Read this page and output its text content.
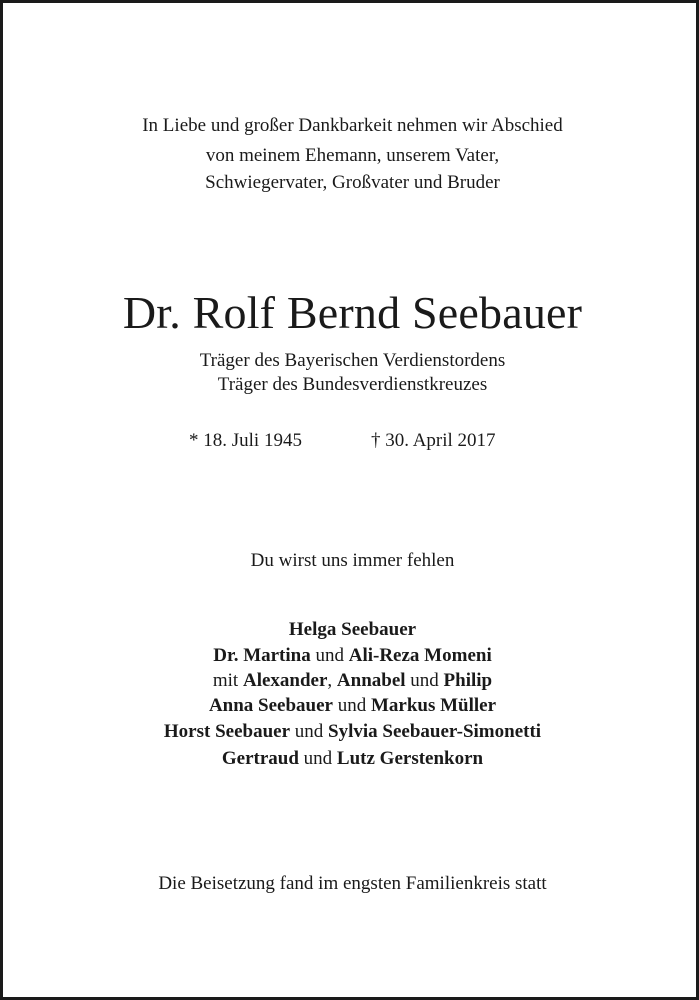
In Liebe und großer Dankbarkeit nehmen wir Abschied
von meinem Ehemann, unserem Vater,
Schwiegervater, Großvater und Bruder
Dr. Rolf Bernd Seebauer
Träger des Bayerischen Verdienstordens
Träger des Bundesverdienstkreuzes
* 18. Juli 1945	† 30. April 2017
Du wirst uns immer fehlen
Helga Seebauer
Dr. Martina und Ali-Reza Momeni
mit Alexander, Annabel und Philip
Anna Seebauer und Markus Müller
Horst Seebauer und Sylvia Seebauer-Simonetti
Gertraud und Lutz Gerstenkorn
Die Beisetzung fand im engsten Familienkreis statt
